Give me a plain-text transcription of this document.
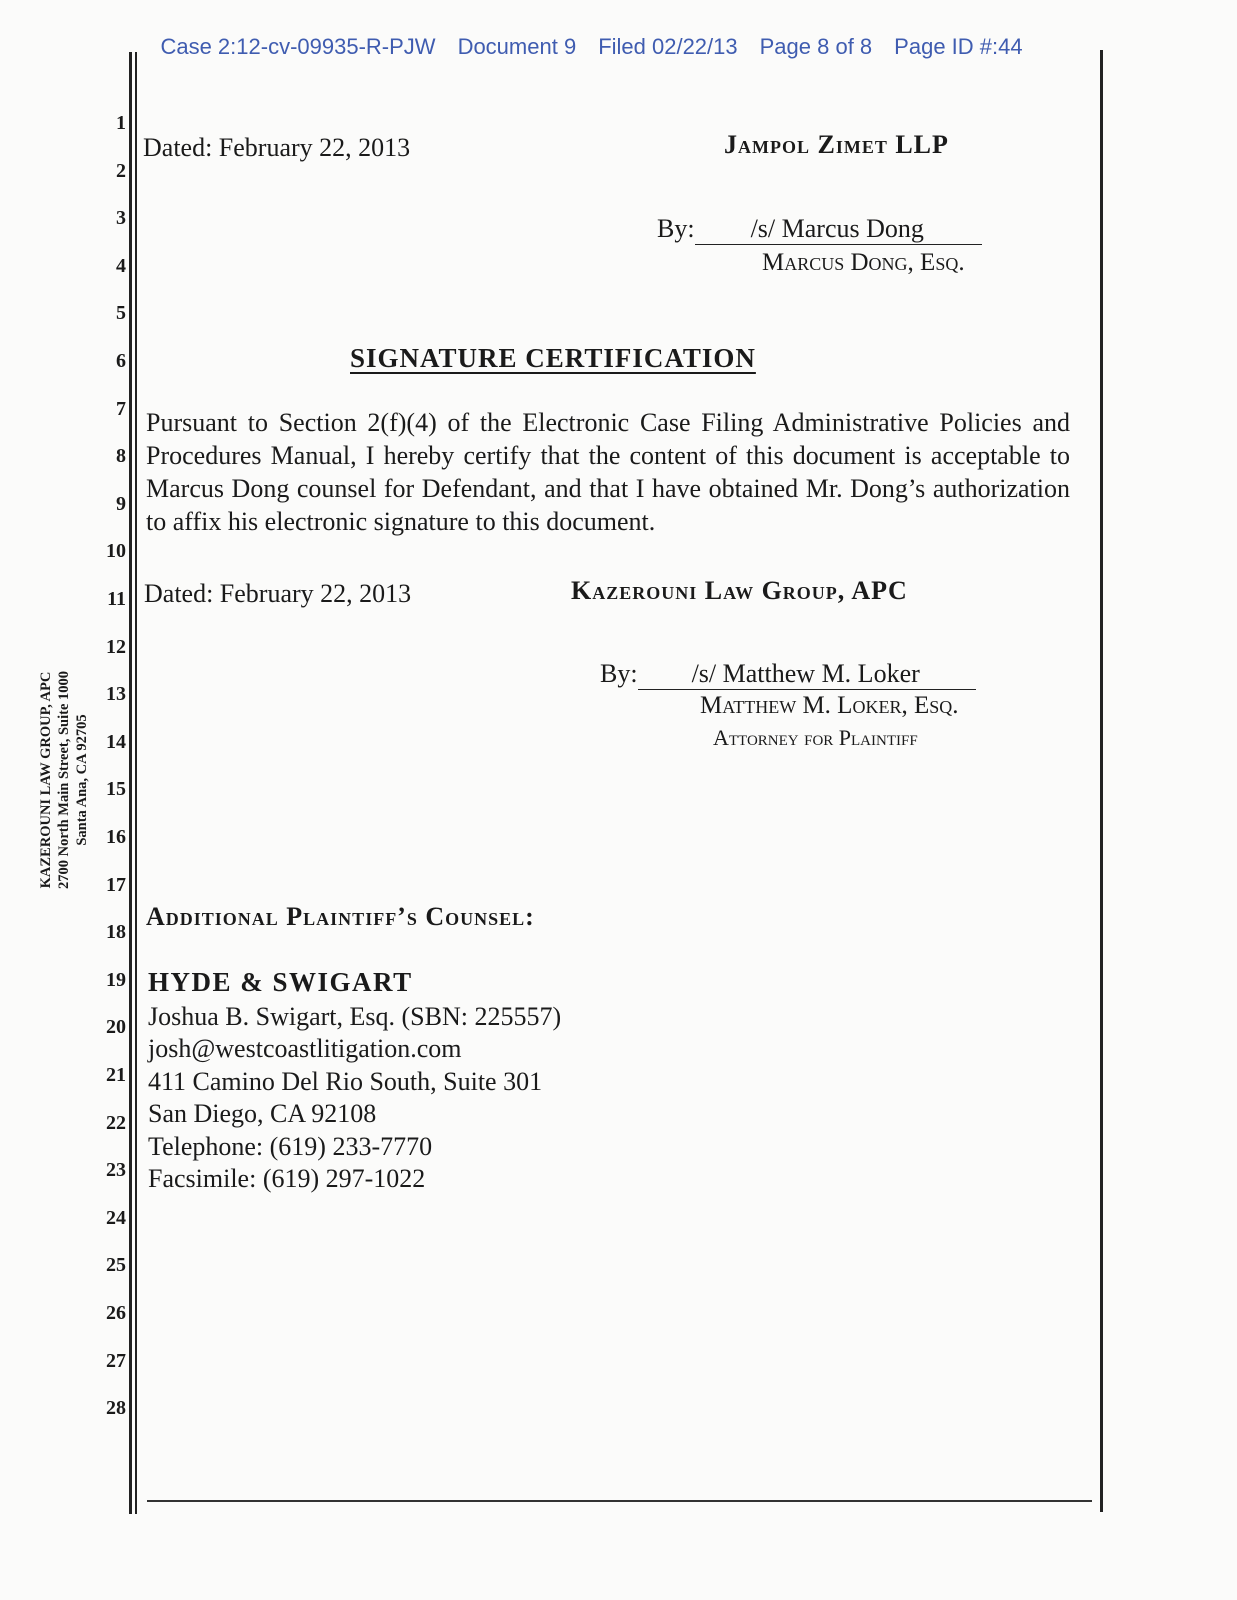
Case 2:12-cv-09935-R-PJW Document 9 Filed 02/22/13 Page 8 of 8 Page ID #:44

1
2
3
4
5
6
7
8
9
10
11
12
13
14
15
16
17
18
19
20
21
22
23
24
25
26
27
28
KAZEROUNI LAW GROUP, APC 2700 North Main Street, Suite 1000 Santa Ana, CA 92705
Dated: February 22, 2013	Jampol Zimet LLP
By: /s/ Marcus Dong
Marcus Dong, Esq.
SIGNATURE CERTIFICATION
Pursuant to Section 2(f)(4) of the Electronic Case Filing Administrative Policies and Procedures Manual, I hereby certify that the content of this document is acceptable to Marcus Dong counsel for Defendant, and that I have obtained Mr. Dong’s authorization to affix his electronic signature to this document.
Dated: February 22, 2013	Kazerouni Law Group, APC
By: /s/ Matthew M. Loker
Matthew M. Loker, Esq.
Attorney for Plaintiff
Additional Plaintiff’s Counsel:
HYDE & SWIGART
Joshua B. Swigart, Esq. (SBN: 225557)
josh@westcoastlitigation.com
411 Camino Del Rio South, Suite 301
San Diego, CA 92108
Telephone: (619) 233-7770
Facsimile: (619) 297-1022
